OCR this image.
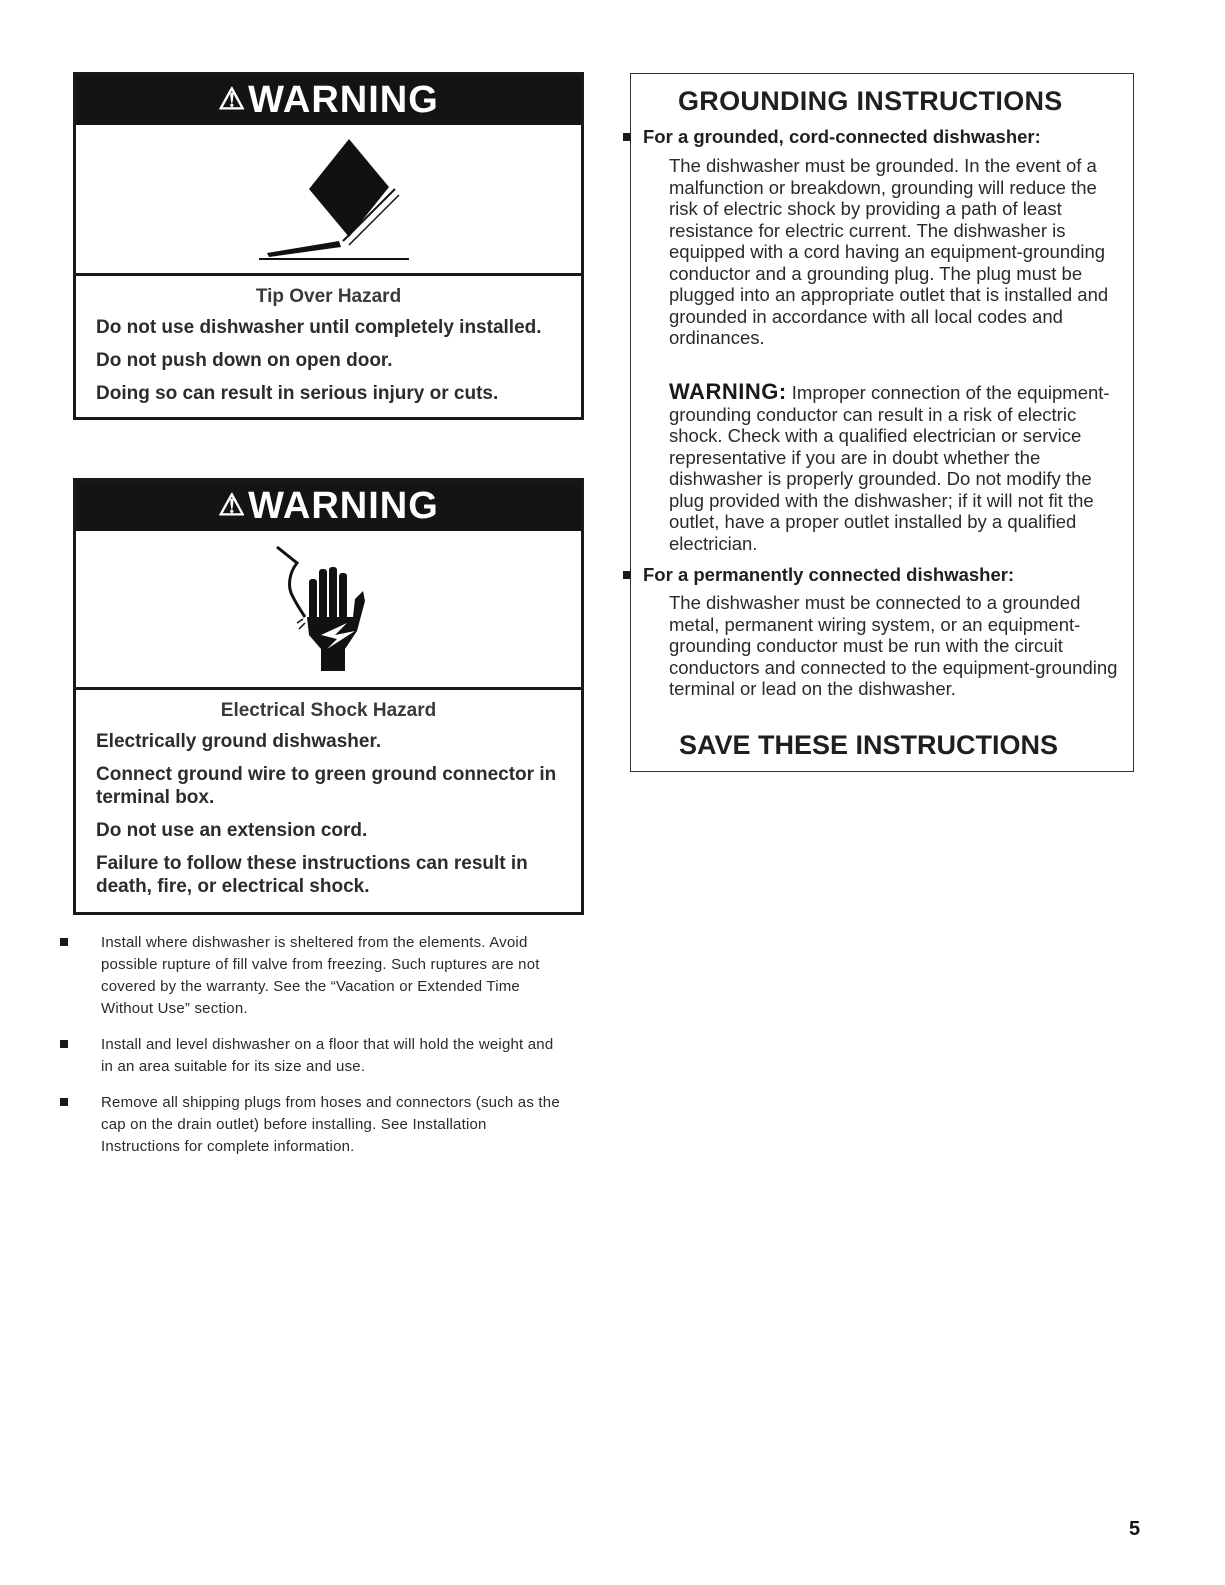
⚠ WARNING
Tip Over Hazard
Do not use dishwasher until completely installed.
Do not push down on open door.
Doing so can result in serious injury or cuts.
⚠ WARNING
Electrical Shock Hazard
Electrically ground dishwasher.
Connect ground wire to green ground connector in terminal box.
Do not use an extension cord.
Failure to follow these instructions can result in death, fire, or electrical shock.
Install where dishwasher is sheltered from the elements. Avoid possible rupture of fill valve from freezing. Such ruptures are not covered by the warranty. See the “Vacation or Extended Time Without Use” section.
Install and level dishwasher on a floor that will hold the weight and in an area suitable for its size and use.
Remove all shipping plugs from hoses and connectors (such as the cap on the drain outlet) before installing. See Installation Instructions for complete information.
GROUNDING INSTRUCTIONS
For a grounded, cord-connected dishwasher:
The dishwasher must be grounded. In the event of a malfunction or breakdown, grounding will reduce the risk of electric shock by providing a path of least resistance for electric current. The dishwasher is equipped with a cord having an equipment-grounding conductor and a grounding plug. The plug must be plugged into an appropriate outlet that is installed and grounded in accordance with all local codes and ordinances.
WARNING: Improper connection of the equipment-grounding conductor can result in a risk of electric shock. Check with a qualified electrician or service representative if you are in doubt whether the dishwasher is properly grounded. Do not modify the plug provided with the dishwasher; if it will not fit the outlet, have a proper outlet installed by a qualified electrician.
For a permanently connected dishwasher:
The dishwasher must be connected to a grounded metal, permanent wiring system, or an equipment-grounding conductor must be run with the circuit conductors and connected to the equipment-grounding terminal or lead on the dishwasher.
SAVE THESE INSTRUCTIONS
5
